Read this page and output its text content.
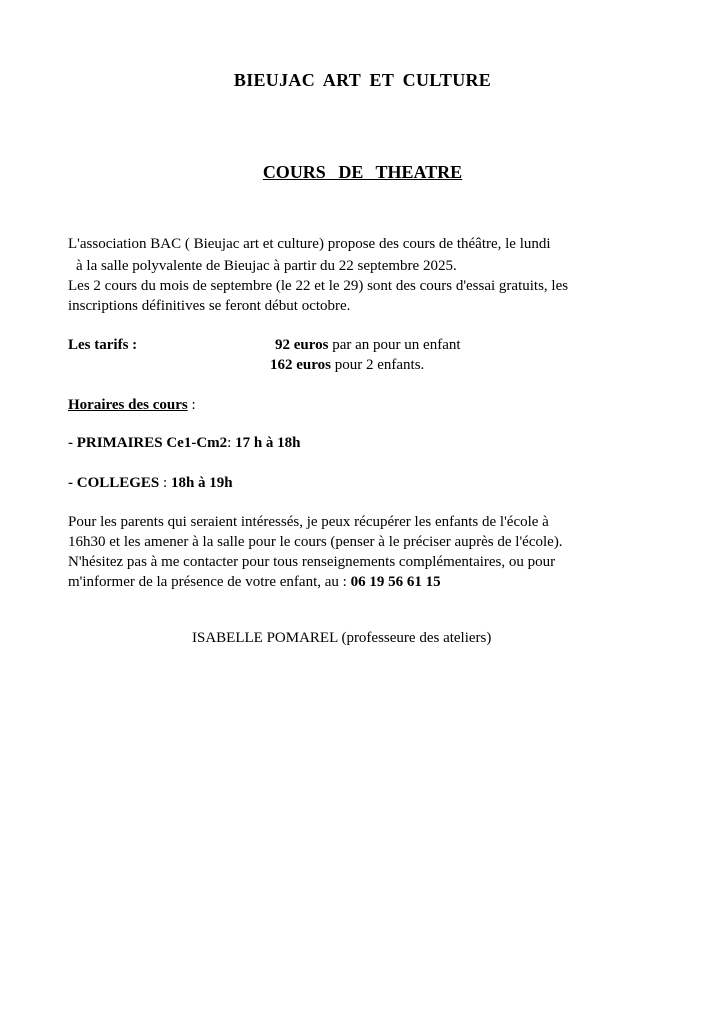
BIEUJAC ART ET CULTURE
COURS DE THEATRE
L'association BAC ( Bieujac art et culture) propose des cours de théâtre, le lundi
à la salle polyvalente de Bieujac à partir du 22 septembre 2025.
Les 2 cours du mois de septembre (le 22 et le 29) sont des cours d'essai gratuits, les
inscriptions définitives se feront début octobre.
Les tarifs :	92 euros par an pour un enfant
162 euros pour 2 enfants.
Horaires des cours :
- PRIMAIRES Ce1-Cm2: 17 h à 18h
- COLLEGES : 18h à 19h
Pour les parents qui seraient intéressés, je peux récupérer les enfants de l'école à
16h30 et les amener à la salle pour le cours (penser à le préciser auprès de l'école).
N'hésitez pas à me contacter pour tous renseignements complémentaires, ou pour
m'informer de la présence de votre enfant, au : 06 19 56 61 15
ISABELLE POMAREL (professeure des ateliers)
